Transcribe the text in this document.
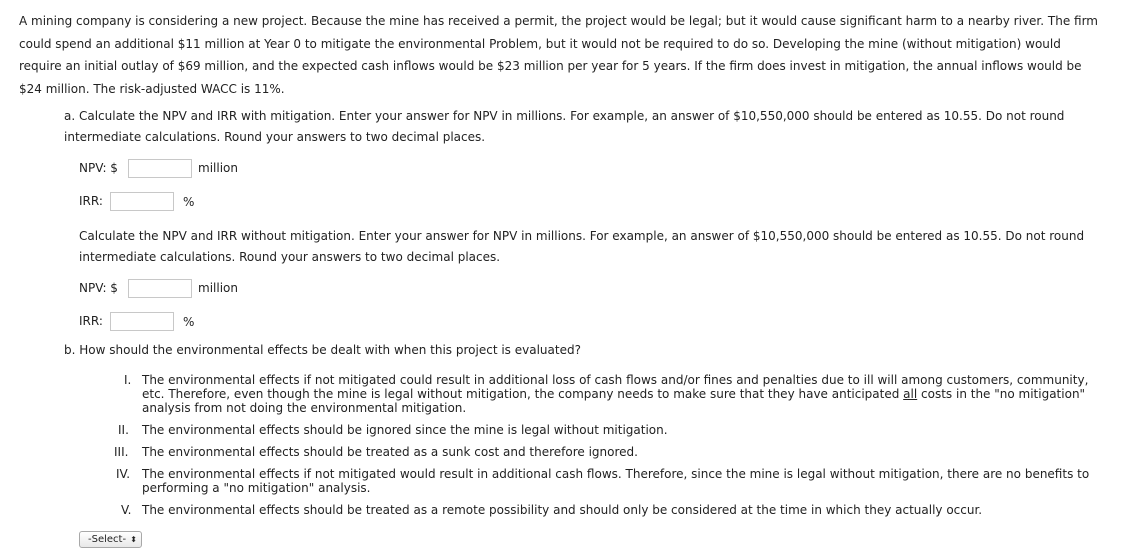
A mining company is considering a new project. Because the mine has received a permit, the project would be legal; but it would cause significant harm to a nearby river. The firm
could spend an additional $11 million at Year 0 to mitigate the environmental Problem, but it would not be required to do so. Developing the mine (without mitigation) would
require an initial outlay of $69 million, and the expected cash inflows would be $23 million per year for 5 years. If the firm does invest in mitigation, the annual inflows would be
$24 million. The risk-adjusted WACC is 11%.
a. Calculate the NPV and IRR with mitigation. Enter your answer for NPV in millions. For example, an answer of $10,550,000 should be entered as 10.55. Do not round
intermediate calculations. Round your answers to two decimal places.
NPV: $	million
IRR:	%
Calculate the NPV and IRR without mitigation. Enter your answer for NPV in millions. For example, an answer of $10,550,000 should be entered as 10.55. Do not round
intermediate calculations. Round your answers to two decimal places.
NPV: $	million
IRR:	%
b. How should the environmental effects be dealt with when this project is evaluated?
I. The environmental effects if not mitigated could result in additional loss of cash flows and/or fines and penalties due to ill will among customers, community,
etc. Therefore, even though the mine is legal without mitigation, the company needs to make sure that they have anticipated all costs in the "no mitigation"
analysis from not doing the environmental mitigation.
II. The environmental effects should be ignored since the mine is legal without mitigation.
III. The environmental effects should be treated as a sunk cost and therefore ignored.
IV. The environmental effects if not mitigated would result in additional cash flows. Therefore, since the mine is legal without mitigation, there are no benefits to
performing a "no mitigation" analysis.
V. The environmental effects should be treated as a remote possibility and should only be considered at the time in which they actually occur.
-Select- ⬍
